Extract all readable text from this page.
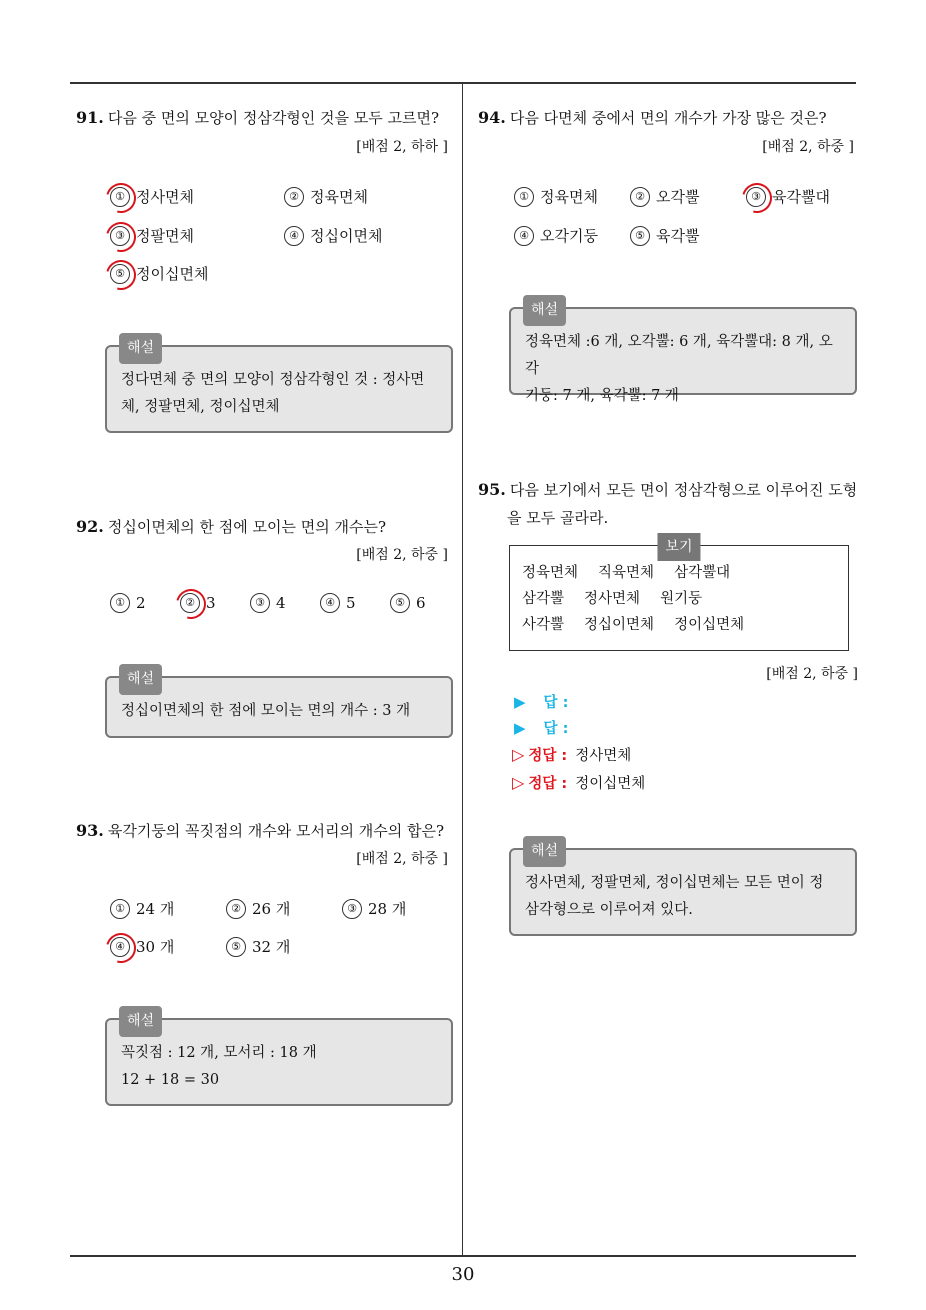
91. 다음 중 면의 모양이 정삼각형인 것을 모두 고르면?
[배점 2, 하하 ]
① 정사면체	② 정육면체
③ 정팔면체	④ 정십이면체
⑤ 정이십면체
해설
정다면체 중 면의 모양이 정삼각형인 것 : 정사면
체, 정팔면체, 정이십면체
92. 정십이면체의 한 점에 모이는 면의 개수는?
[배점 2, 하중 ]
① 2	② 3	③ 4	④ 5	⑤ 6
해설
정십이면체의 한 점에 모이는 면의 개수 : 3 개
93. 육각기둥의 꼭짓점의 개수와 모서리의 개수의 합은?
[배점 2, 하중 ]
① 24 개	② 26 개	③ 28 개
④ 30 개	⑤ 32 개
해설
꼭짓점 : 12 개, 모서리 : 18 개
12 + 18 = 30
94. 다음 다면체 중에서 면의 개수가 가장 많은 것은?
[배점 2, 하중 ]
① 정육면체	② 오각뿔	③ 육각뿔대
④ 오각기둥	⑤ 육각뿔
해설
정육면체 :6 개, 오각뿔: 6 개, 육각뿔대: 8 개, 오각
기둥: 7 개, 육각뿔: 7 개
95. 다음 보기에서 모든 면이 정삼각형으로 이루어진 도형
을 모두 골라라.
보기
정육면체 직육면체 삼각뿔대
삼각뿔 정사면체 원기둥
사각뿔 정십이면체 정이십면체
[배점 2, 하중 ]
▶ 답 :
▶ 답 :
▷ 정답 : 정사면체
▷ 정답 : 정이십면체
해설
정사면체, 정팔면체, 정이십면체는 모든 면이 정
삼각형으로 이루어져 있다.
30
